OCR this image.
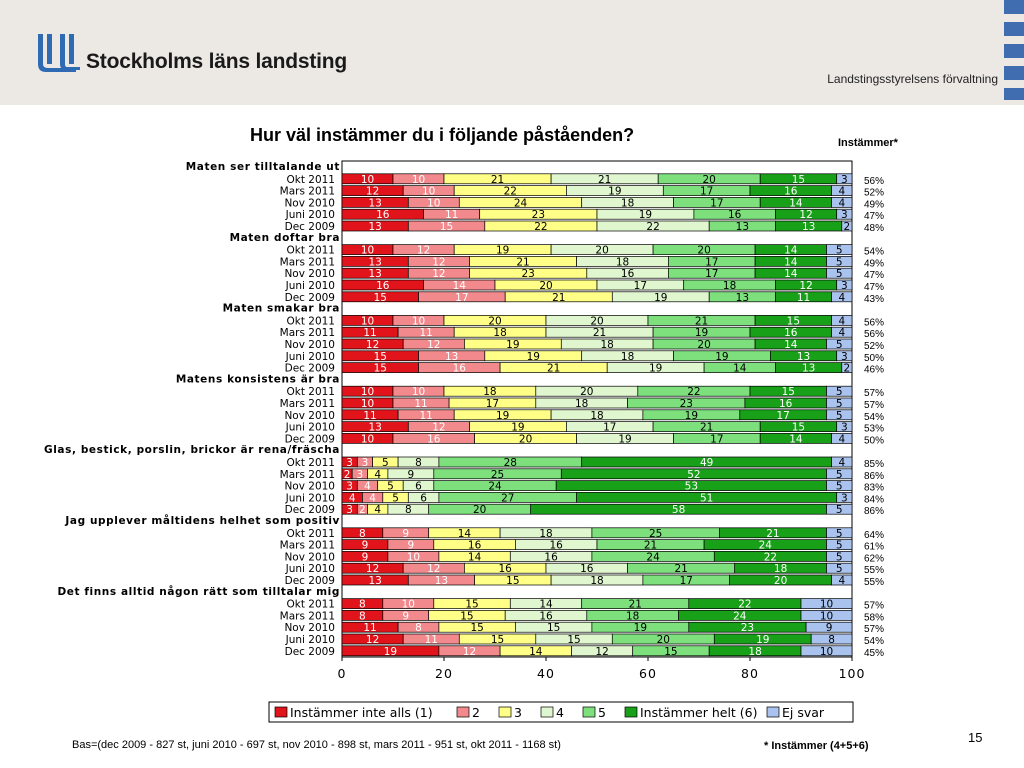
Stockholms läns landsting
Landstingsstyrelsens förvaltning
Hur väl instämmer du i följande påståenden?	Instämmer*
Maten ser tilltalande ut
Okt 2011 10	10	21	21	20	15	3 56%
Mars 2011	12	10	22	19	17	16	4 52%
Nov 2010	13	10	24	18	17	14	4 49%
Juni 2010	16	11	23	19	16	12	3 47%
Dec 2009	13	15	22	22	13	13	2 48%
Maten doftar bra
Okt 2011 10	12	19	20	20	14	5 54%
Mars 2011	13	12	21	18	17	14	5 49%
Nov 2010	13	12	23	16	17	14	5 47%
Juni 2010	16	14	20	17	18	12	3 47%
Dec 2009	15	17	21	19	13	11	4 43%
Maten smakar bra
Okt 2011 10	10	20	20	21	15	4 56%
Mars 2011	11	11	18	21	19	16	4 56%
Nov 2010	12	12	19	18	20	14	5 52%
Juni 2010	15	13	19	18	19	13	3 50%
Dec 2009	15	16	21	19	14	13	2 46%
Matens konsistens är bra
Okt 2011 10	10	18	20	22	15	5 57%
Mars 2011 10	11	17	18	23	16	5 57%
Nov 2010	11	11	19	18	19	17	5 54%
Juni 2010	13	12	19	17	21	15	3 53%
Dec 2009 10	16	20	19	17	14	4 50%
Glas, bestick, porslin, brickor är rena/fräscha
Okt 2011 3 3 5	8	28	49	4 85%
Mars 2011 2 3 4	9	25	52	5 86%
Nov 2010 3 4 5 6	24	53	5 83%
Juni 2010 4 4 5 6	27	51	3 84%
Dec 2009 3 2 4 8	20	58	5 86%
Jag upplever måltidens helhet som positiv
Okt 2011 8	9	14	18	25	21	5 64%
Mars 2011	9	9	16	16	21	24	5 61%
Nov 2010	9	10	14	16	24	22	5 62%
Juni 2010	12	12	16	16	21	18	5 55%
Dec 2009	13	13	15	18	17	20	4 55%
Det finns alltid någon rätt som tilltalar mig
Okt 2011 8	10	15	14	21	22	10	57%
Mars 2011 8	9	15	16	18	24	10	58%
Nov 2010	11	8	15	15	19	23	9	57%
Juni 2010	12	11	15	15	20	19	8	54%
Dec 2009	19	12	14	12	15	18	10	45%
0	20	40	60	80	100
Instämmer inte alls (1)	2	3	4	5	Instämmer helt (6) Ej svar
Bas=(dec 2009 - 827 st, juni 2010 - 697 st, nov 2010 - 898 st, mars 2011 - 951 st, okt 2011 - 1168 st)	* Instämmer (4+5+6)
15
